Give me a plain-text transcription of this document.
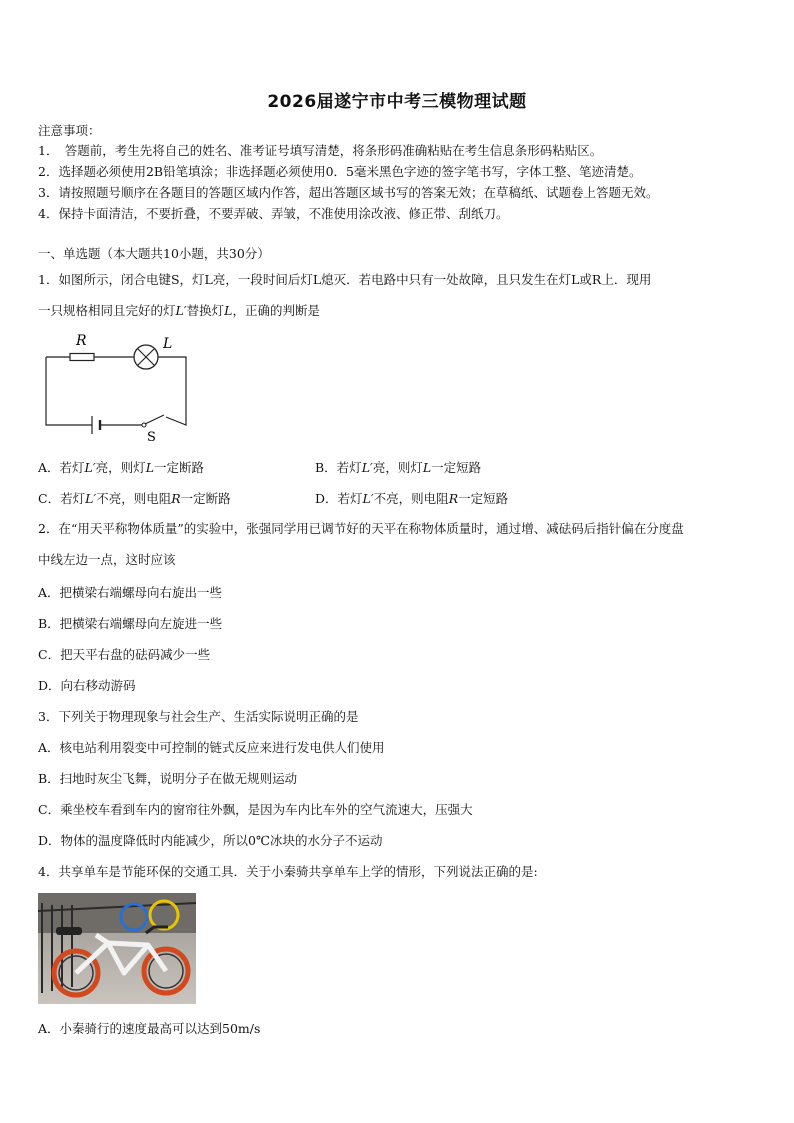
2026届遂宁市中考三模物理试题
注意事项：
1．　答题前，考生先将自己的姓名、准考证号填写清楚，将条形码准确粘贴在考生信息条形码粘贴区。
2．选择题必须使用2B铅笔填涂；非选择题必须使用0．5毫米黑色字迹的签字笔书写，字体工整、笔迹清楚。
3．请按照题号顺序在各题目的答题区域内作答，超出答题区域书写的答案无效；在草稿纸、试题卷上答题无效。
4．保持卡面清洁，不要折叠，不要弄破、弄皱，不准使用涂改液、修正带、刮纸刀。
一、单选题（本大题共10小题，共30分）
1．如图所示，闭合电键S，灯L亮，一段时间后灯L熄灭．若电路中只有一处故障，且只发生在灯L或R上．现用
一只规格相同且完好的灯L′替换灯L，正确的判断是
R	L
S
A．若灯L′亮，则灯L一定断路	B．若灯L′亮，则灯L一定短路
C．若灯L′不亮，则电阻R一定断路	D．若灯L′不亮，则电阻R一定短路
2．在“用天平称物体质量”的实验中，张强同学用已调节好的天平在称物体质量时，通过增、减砝码后指针偏在分度盘
中线左边一点，这时应该
A．把横梁右端螺母向右旋出一些
B．把横梁右端螺母向左旋进一些
C．把天平右盘的砝码减少一些
D．向右移动游码
3．下列关于物理现象与社会生产、生活实际说明正确的是
A．核电站利用裂变中可控制的链式反应来进行发电供人们使用
B．扫地时灰尘飞舞，说明分子在做无规则运动
C．乘坐校车看到车内的窗帘往外飘，是因为车内比车外的空气流速大，压强大
D．物体的温度降低时内能减少，所以0℃冰块的水分子不运动
4．共享单车是节能环保的交通工具．关于小秦骑共享单车上学的情形，下列说法正确的是:
A．小秦骑行的速度最高可以达到50m/s
